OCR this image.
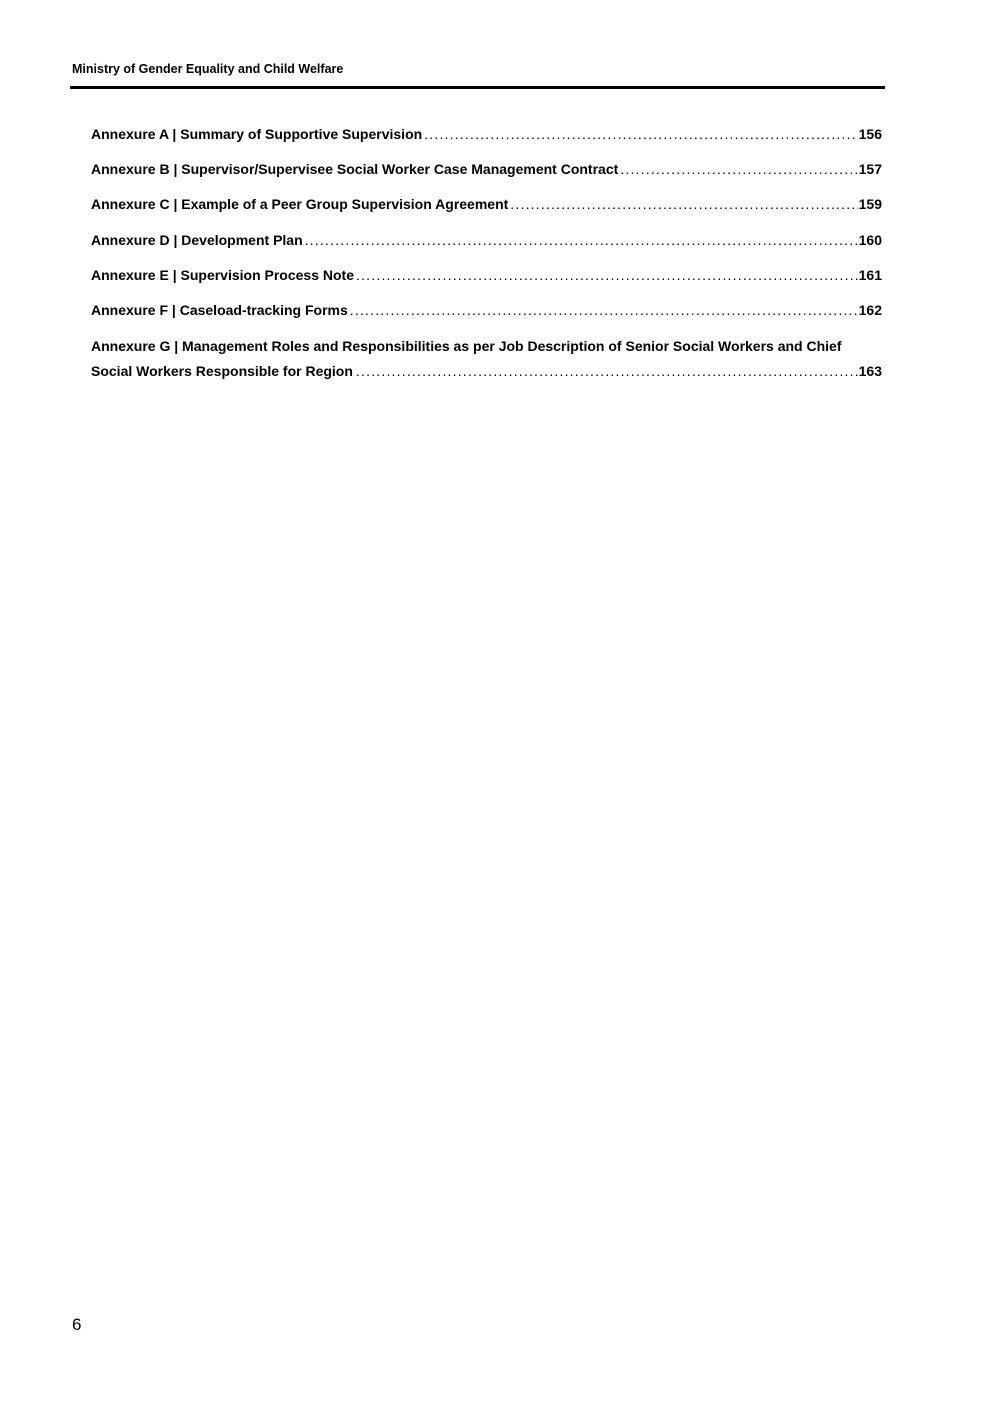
Ministry of Gender Equality and Child Welfare
Annexure A | Summary of Supportive Supervision .....	156
Annexure B | Supervisor/Supervisee Social Worker Case Management Contract .....	157
Annexure C | Example of a Peer Group Supervision Agreement .....	159
Annexure D | Development Plan .....	160
Annexure E | Supervision Process Note .....	161
Annexure F | Caseload-tracking Forms .....	162
Annexure G | Management Roles and Responsibilities as per Job Description of Senior Social Workers and Chief
Social Workers Responsible for Region .....	163
6
